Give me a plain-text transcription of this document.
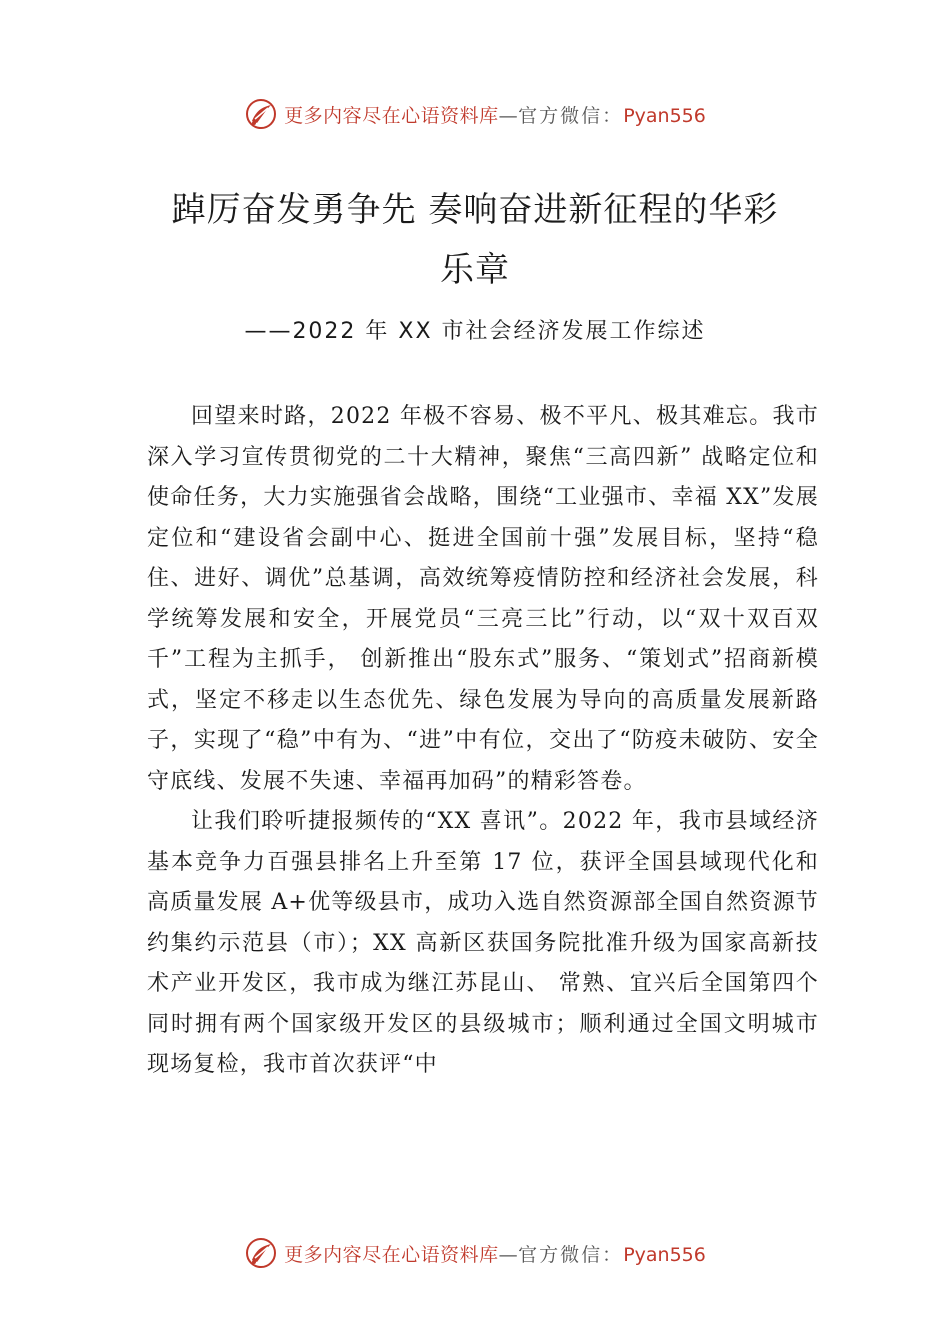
更多内容尽在心语资料库—官方微信：Pyan556
踔厉奋发勇争先 奏响奋进新征程的华彩
乐章
——2022 年 XX 市社会经济发展工作综述

回望来时路，2022 年极不容易、极不平凡、极其难忘。我市深入学习宣传贯彻党的二十大精神，聚焦“三高四新” 战略定位和使命任务，大力实施强省会战略，围绕“工业强市、幸福 XX”发展定位和“建设省会副中心、挺进全国前十强”发展目标，坚持“稳住、进好、调优”总基调，高效统筹疫情防控和经济社会发展，科学统筹发展和安全，开展党员“三亮三比”行动，以“双十双百双千”工程为主抓手， 创新推出“股东式”服务、“策划式”招商新模式，坚定不移走以生态优先、绿色发展为导向的高质量发展新路子，实现了“稳”中有为、“进”中有位，交出了“防疫未破防、安全守底线、发展不失速、幸福再加码”的精彩答卷。

让我们聆听捷报频传的“XX 喜讯”。2022 年，我市县域经济基本竞争力百强县排名上升至第 17 位，获评全国县域现代化和高质量发展 A+优等级县市，成功入选自然资源部全国自然资源节约集约示范县（市）；XX 高新区获国务院批准升级为国家高新技术产业开发区，我市成为继江苏昆山、 常熟、宜兴后全国第四个同时拥有两个国家级开发区的县级城市；顺利通过全国文明城市现场复检，我市首次获评“中

更多内容尽在心语资料库—官方微信：Pyan556
